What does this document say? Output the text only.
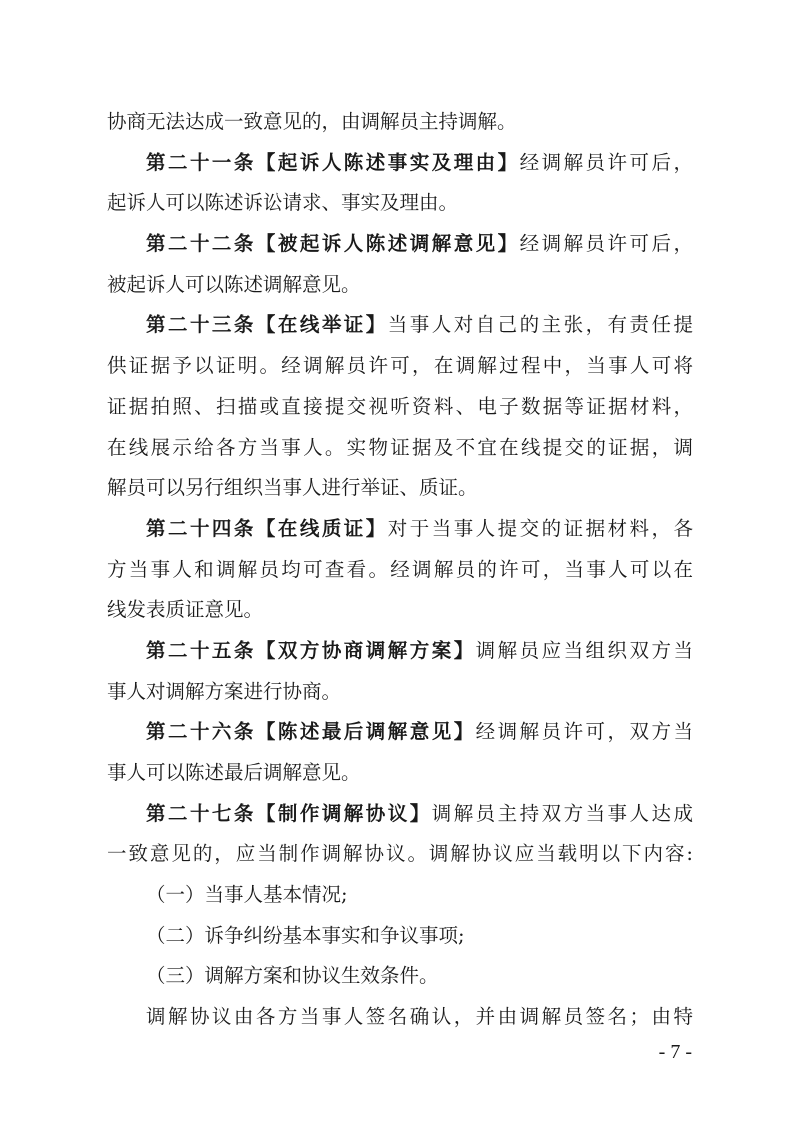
协商无法达成一致意见的，由调解员主持调解。
第二十一条【起诉人陈述事实及理由】经调解员许可后，
起诉人可以陈述诉讼请求、事实及理由。
第二十二条【被起诉人陈述调解意见】经调解员许可后，
被起诉人可以陈述调解意见。
第二十三条【在线举证】当事人对自己的主张，有责任提
供证据予以证明。经调解员许可，在调解过程中，当事人可将
证据拍照、扫描或直接提交视听资料、电子数据等证据材料，
在线展示给各方当事人。实物证据及不宜在线提交的证据，调
解员可以另行组织当事人进行举证、质证。
第二十四条【在线质证】对于当事人提交的证据材料，各
方当事人和调解员均可查看。经调解员的许可，当事人可以在
线发表质证意见。
第二十五条【双方协商调解方案】调解员应当组织双方当
事人对调解方案进行协商。
第二十六条【陈述最后调解意见】经调解员许可，双方当
事人可以陈述最后调解意见。
第二十七条【制作调解协议】调解员主持双方当事人达成
一致意见的，应当制作调解协议。调解协议应当载明以下内容:
（一）当事人基本情况;
（二）诉争纠纷基本事实和争议事项;
（三）调解方案和协议生效条件。
调解协议由各方当事人签名确认，并由调解员签名；由特
- 7 -
